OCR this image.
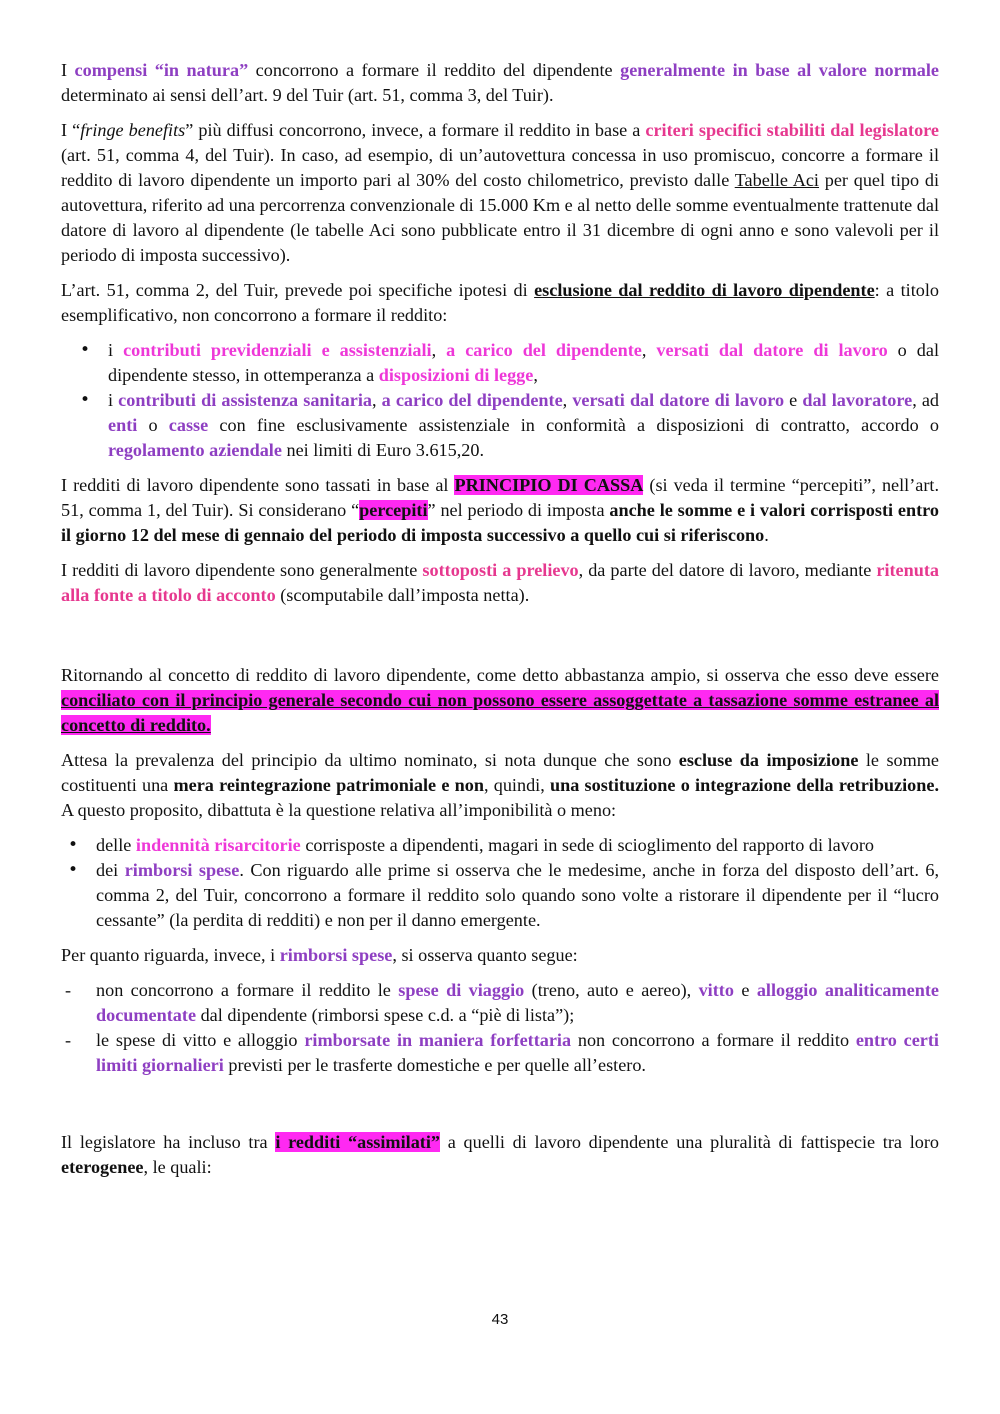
I compensi “in natura” concorrono a formare il reddito del dipendente generalmente in base al valore normale determinato ai sensi dell’art. 9 del Tuir (art. 51, comma 3, del Tuir).

I “fringe benefits” più diffusi concorrono, invece, a formare il reddito in base a criteri specifici stabiliti dal legislatore (art. 51, comma 4, del Tuir). In caso, ad esempio, di un’autovettura concessa in uso promiscuo, concorre a formare il reddito di lavoro dipendente un importo pari al 30% del costo chilometrico, previsto dalle Tabelle Aci per quel tipo di autovettura, riferito ad una percorrenza convenzionale di 15.000 Km e al netto delle somme eventualmente trattenute dal datore di lavoro al dipendente (le tabelle Aci sono pubblicate entro il 31 dicembre di ogni anno e sono valevoli per il periodo di imposta successivo).

L’art. 51, comma 2, del Tuir, prevede poi specifiche ipotesi di esclusione dal reddito di lavoro dipendente: a titolo esemplificativo, non concorrono a formare il reddito:

• i contributi previdenziali e assistenziali, a carico del dipendente, versati dal datore di lavoro o dal dipendente stesso, in ottemperanza a disposizioni di legge,
• i contributi di assistenza sanitaria, a carico del dipendente, versati dal datore di lavoro e dal lavoratore, ad enti o casse con fine esclusivamente assistenziale in conformità a disposizioni di contratto, accordo o regolamento aziendale nei limiti di Euro 3.615,20.

I redditi di lavoro dipendente sono tassati in base al PRINCIPIO DI CASSA (si veda il termine “percepiti”, nell’art. 51, comma 1, del Tuir). Si considerano “percepiti” nel periodo di imposta anche le somme e i valori corrisposti entro il giorno 12 del mese di gennaio del periodo di imposta successivo a quello cui si riferiscono.

I redditi di lavoro dipendente sono generalmente sottoposti a prelievo, da parte del datore di lavoro, mediante ritenuta alla fonte a titolo di acconto (scomputabile dall’imposta netta).

Ritornando al concetto di reddito di lavoro dipendente, come detto abbastanza ampio, si osserva che esso deve essere conciliato con il principio generale secondo cui non possono essere assoggettate a tassazione somme estranee al concetto di reddito.

Attesa la prevalenza del principio da ultimo nominato, si nota dunque che sono escluse da imposizione le somme costituenti una mera reintegrazione patrimoniale e non, quindi, una sostituzione o integrazione della retribuzione. A questo proposito, dibattuta è la questione relativa all’imponibilità o meno:

• delle indennità risarcitorie corrisposte a dipendenti, magari in sede di scioglimento del rapporto di lavoro
• dei rimborsi spese. Con riguardo alle prime si osserva che le medesime, anche in forza del disposto dell’art. 6, comma 2, del Tuir, concorrono a formare il reddito solo quando sono volte a ristorare il dipendente per il “lucro cessante” (la perdita di redditi) e non per il danno emergente.

Per quanto riguarda, invece, i rimborsi spese, si osserva quanto segue:

- non concorrono a formare il reddito le spese di viaggio (treno, auto e aereo), vitto e alloggio analiticamente documentate dal dipendente (rimborsi spese c.d. a “piè di lista”);
- le spese di vitto e alloggio rimborsate in maniera forfettaria non concorrono a formare il reddito entro certi limiti giornalieri previsti per le trasferte domestiche e per quelle all’estero.

Il legislatore ha incluso tra i redditi “assimilati” a quelli di lavoro dipendente una pluralità di fattispecie tra loro eterogenee, le quali:

43
